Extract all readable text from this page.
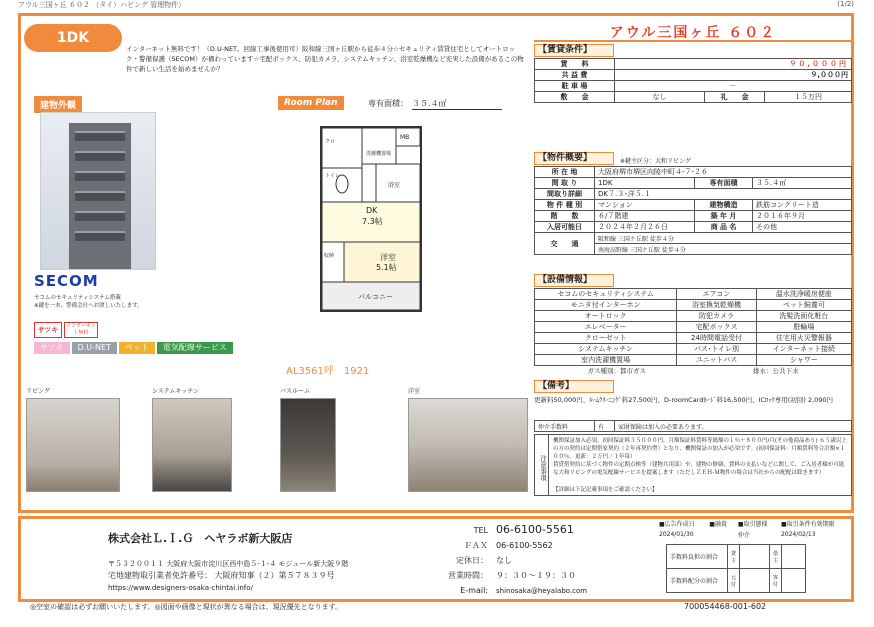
アウル三国ヶ丘 ６０２ （タイ）ハビング 管理物件）	(1/2)
1DK
インターネット無料です！（D.U-NET。回線工事後使用可）阪和線三国ヶ丘駅から徒歩４分☆セキュリティ賃貸住宅としてオートロック・警備保護（SECOM）が備わっています☆宅配ボックス、防犯カメラ、システムキッチン、浴室乾燥機など充実した設備があるこの物件で新しい生活を始めませんか？
建物外観	Room Plan	専有面積： ３５.４㎡
SECOM
セコムのセキュリティシステム搭載
※鍵を一本、警備会社へお渡しいたします。
サツキ	インターネット無料
サツキ	D.U-NET	ペット	電気配線サービス
クロ
洗濯機置場
MB
トイレ
浴室
DK
7.3帖
収納	洋室
5.1帖
バルコニー
AL3561呼　1921
リビング	システムキッチン	バスルーム	洋室
アウル三国ヶ丘 ６０２
【賃貸条件】
賃　　料	９０,０００円		
共 益 費	９,０００円		
駐 車 場	－		
敷　　金	なし	礼　　金	１５万円
【物件概要】	※鍵主区分：大和リビング
所 在 地	大阪府堺市堺区向陵中町４-７-２６		
間 取 り	1DK	専有面積	３５.４㎡
間取り詳細	DK７.３･洋５.１		
物 件 種 別	マンション	建物構造	鉄筋コンクリート造
階　　数	６/７階建	築 年 月	２０１６年９月
入居可能日	２０２４年２月２６日	商 品 名	その他
交　　通	阪和線 三国ケ丘駅 徒歩４分		
	南海高野線 三国ケ丘駅 徒歩４分		
【設備情報】
セコムのセキュリティシステム	エアコン	温水洗浄暖房便座
モニタ付インターホン	浴室換気乾燥機	ペット飼養可
オートロック	防犯カメラ	洗髪洗面化粧台
エレベーター	宅配ボックス	駐輪場
クローゼット	24時間電話受付	住宅用火災警報器
システムキッチン	バス･トイレ別	インターネット接続
室内洗濯機置場	ユニットバス	シャワー
ガス種別：都市ガス	排水：公共下水
【備考】
更新料50,000円、ﾙｰﾑｸﾘｰﾆﾝｸﾞ料27,500円、D-roomCardｶｰﾄﾞ料16,500円、ICﾛｯｸ専用(初回) 2,090円
仲介手数料	有	家財保険は加入の必要あります。
注意事項
機関保証加入必須。初回保証料３５０００円。月額保証料賃料等総額の１％＋８００円/月(その他商品あり) ６５歳以上の方の契約は定期借家契約（２年再契約型）となり、機関保証の加入が必須です。(初回保証料：月額賃料等合計額×１００％、更新：２万円／１年毎）
賃貸借契約に基づく物件の定期点検等（建物共用部）や、建物の修繕、賃料の支払いなどに関して、ご入居者様が可能な大和リビングの電気配線サービスを提案します（ただしＺＥＨ-Ｍ物件の場合は当社からの配配は除きます）
【詳細は下記記載事項をご確認ください】
株式会社Ｌ.Ｉ.Ｇ　ヘヤラボ新大阪店
〒５３２００１１ 大阪府大阪市淀川区西中島５-１-４ モジュール新大阪９階
宅地建物取引業者免許番号： 大阪府知事（２）第５７８３９号
https://www.designers-osaka-chintai.info/
TEL 06-6100-5561
ＦＡＸ 06-6100-5562
定休日： なし
営業時間： ９：３０～１９：３０
E-mail: shinosaka@heyalabo.com
■広告作成日	■融資	■取引態様	■取引条件有効期限
2024/01/30		仲介	2024/02/13
手数料負担の割合	貸主		借主	
手数料配分の割合	元付		客付	
◎空室の確認は必ずお願いいたします。◎図面や画像と現状が異なる場合は、現況優先となります。	700054468-001-602
